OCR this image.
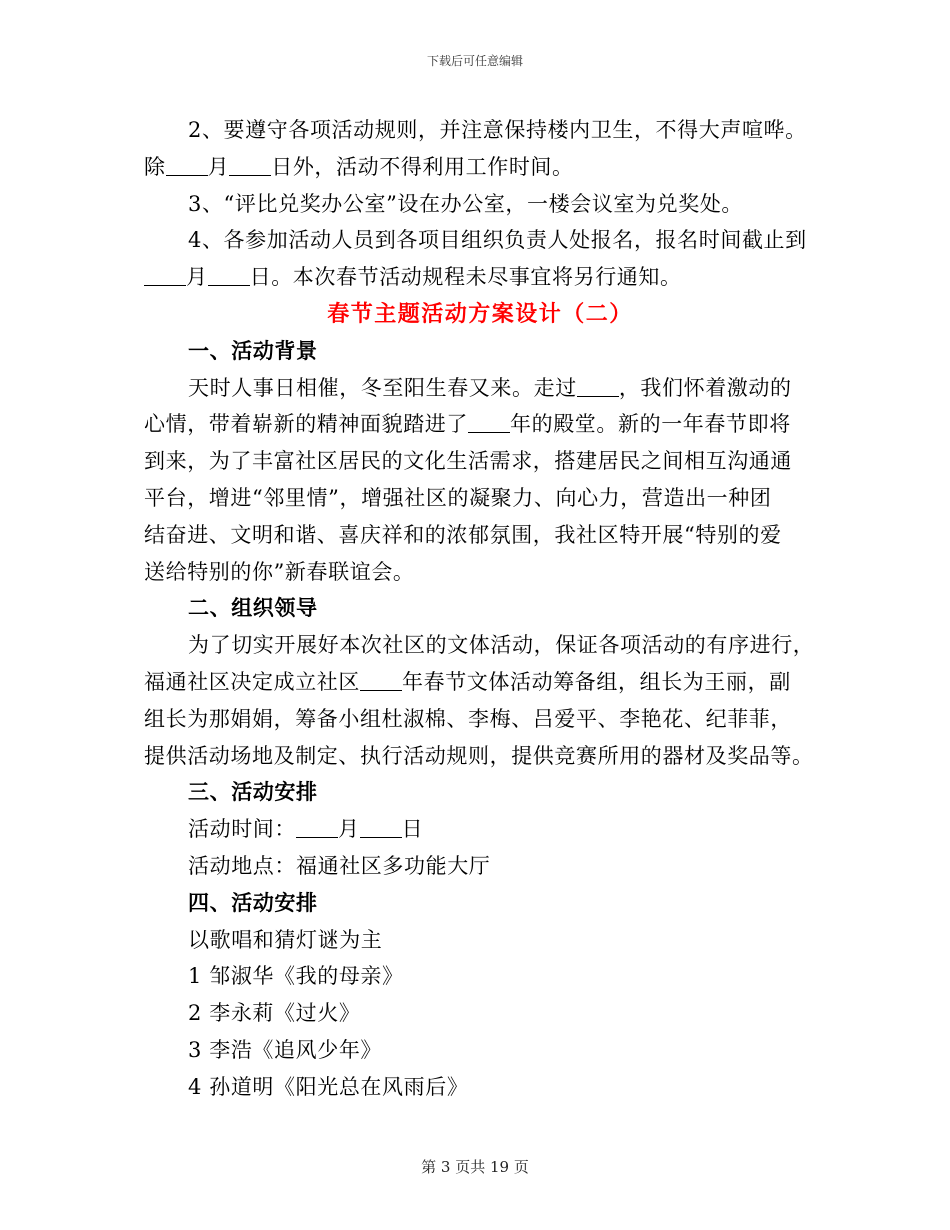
下载后可任意编辑
2、要遵守各项活动规则，并注意保持楼内卫生，不得大声喧哗。
除 月 日外，活动不得利用工作时间。
3、“评比兑奖办公室”设在办公室，一楼会议室为兑奖处。
4、各参加活动人员到各项目组织负责人处报名，报名时间截止到
月 日。本次春节活动规程未尽事宜将另行通知。
春节主题活动方案设计（二）
一、活动背景
天时人事日相催，冬至阳生春又来。走过 ，我们怀着激动的
心情，带着崭新的精神面貌踏进了 年的殿堂。新的一年春节即将
到来，为了丰富社区居民的文化生活需求，搭建居民之间相互沟通通
平台，增进“邻里情”，增强社区的凝聚力、向心力，营造出一种团
结奋进、文明和谐、喜庆祥和的浓郁氛围，我社区特开展“特别的爱
送给特别的你”新春联谊会。
二、组织领导
为了切实开展好本次社区的文体活动，保证各项活动的有序进行，
福通社区决定成立社区 年春节文体活动筹备组，组长为王丽，副
组长为那娟娟，筹备小组杜淑棉、李梅、吕爱平、李艳花、纪菲菲，
提供活动场地及制定、执行活动规则，提供竞赛所用的器材及奖品等。
三、活动安排
活动时间： 月 日
活动地点：福通社区多功能大厅
四、活动安排
以歌唱和猜灯谜为主
1 邹淑华《我的母亲》
2 李永莉《过火》
3 李浩《追风少年》
4 孙道明《阳光总在风雨后》
第 3 页共 19 页
